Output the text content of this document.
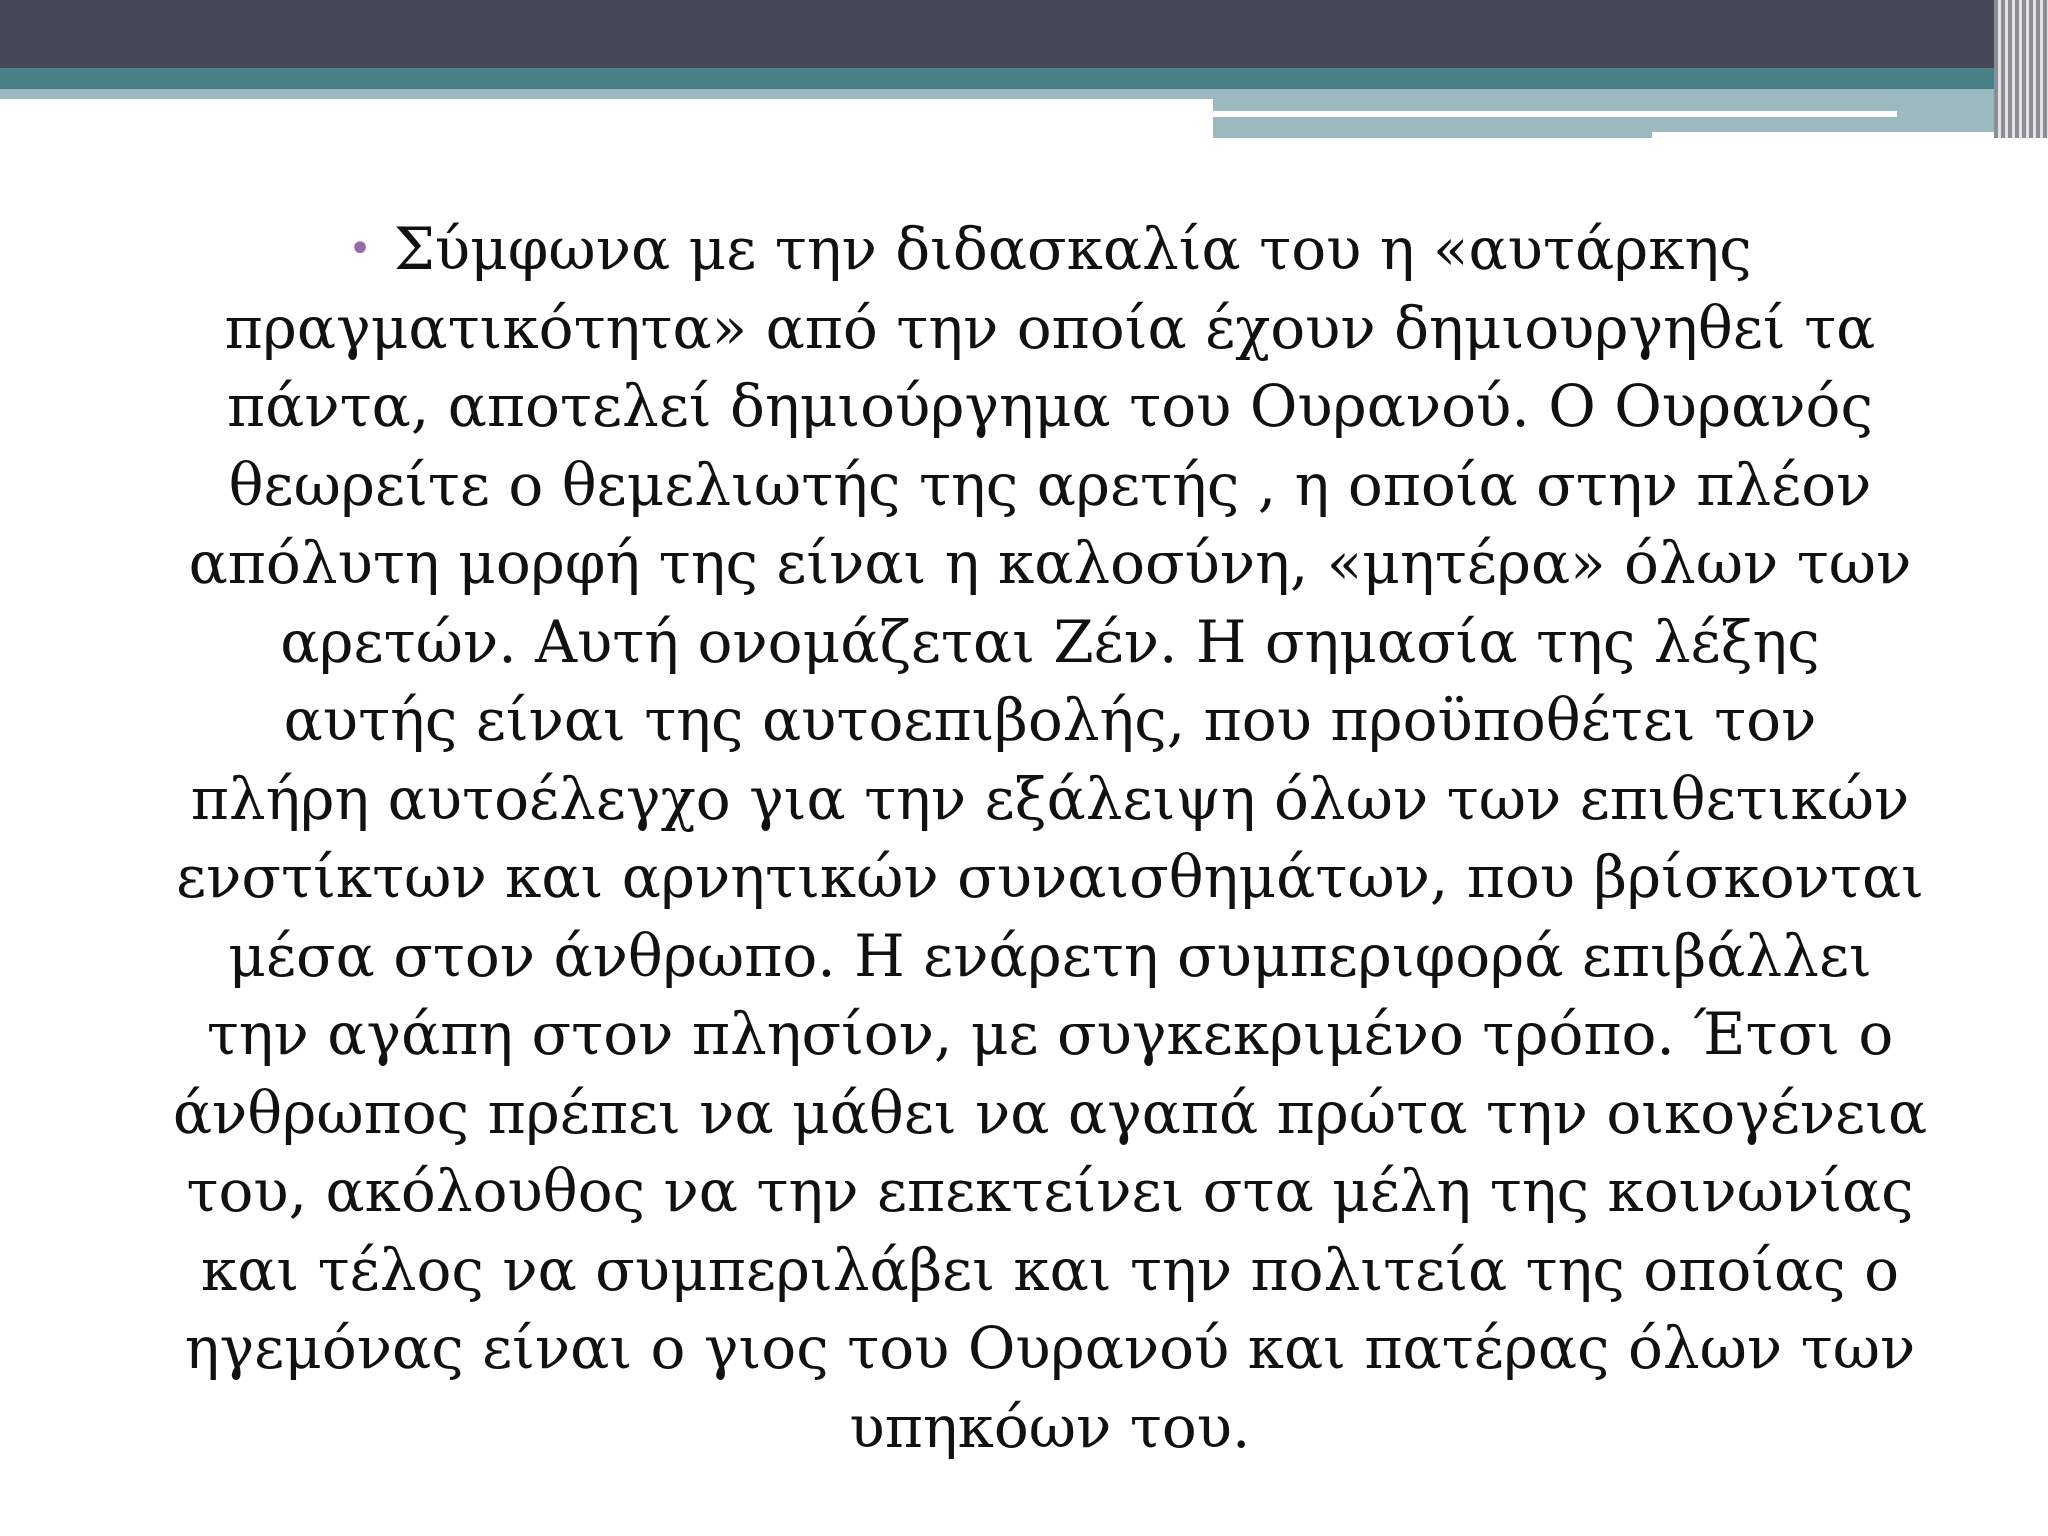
• Σύμφωνα με την διδασκαλία του η «αυτάρκης

πραγματικότητα» από την οποία έχουν δημιουργηθεί τα

πάντα, αποτελεί δημιούργημα του Ουρανού. Ο Ουρανός

θεωρείτε ο θεμελιωτής της αρετής , η οποία στην πλέον

απόλυτη μορφή της είναι η καλοσύνη, «μητέρα» όλων των

αρετών. Αυτή ονομάζεται Ζέν. Η σημασία της λέξης

αυτής είναι της αυτοεπιβολής, που προϋποθέτει τον

πλήρη αυτοέλεγχο για την εξάλειψη όλων των επιθετικών

ενστίκτων και αρνητικών συναισθημάτων, που βρίσκονται

μέσα στον άνθρωπο. Η ενάρετη συμπεριφορά επιβάλλει

την αγάπη στον πλησίον, με συγκεκριμένο τρόπο. Έτσι ο

άνθρωπος πρέπει να μάθει να αγαπά πρώτα την οικογένεια

του, ακόλουθος να την επεκτείνει στα μέλη της κοινωνίας

και τέλος να συμπεριλάβει και την πολιτεία της οποίας ο

ηγεμόνας είναι ο γιος του Ουρανού και πατέρας όλων των

υπηκόων του.
